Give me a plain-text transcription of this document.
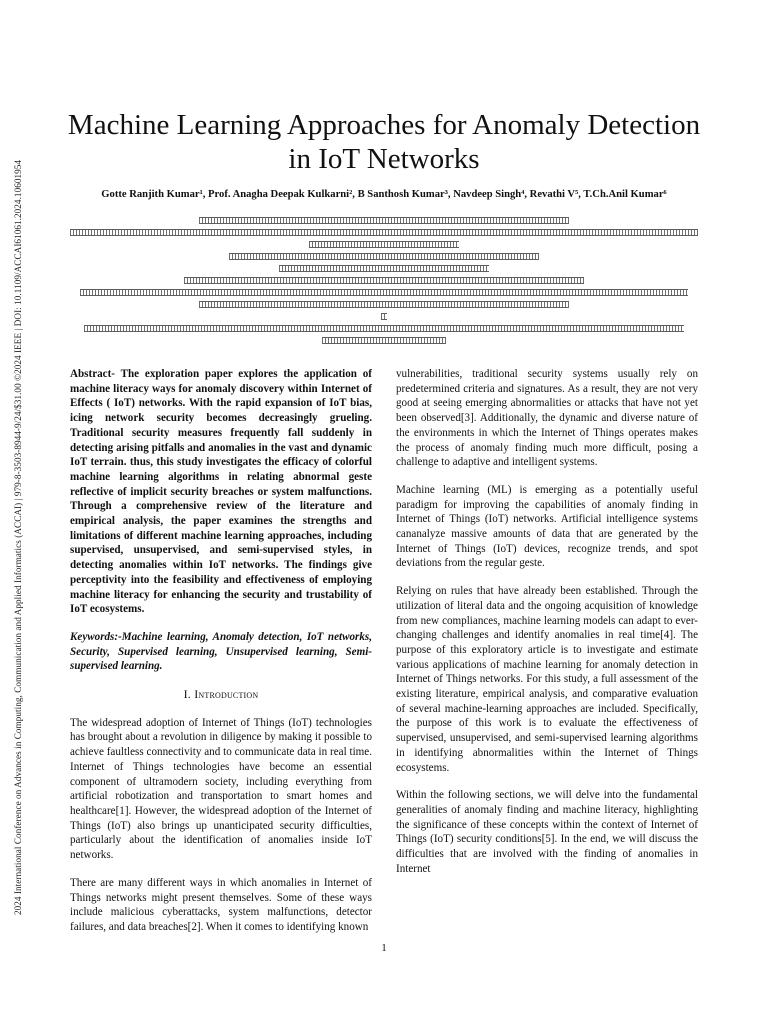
2024 International Conference on Advances in Computing, Communication and Applied Informatics (ACCAI) | 979-8-3503-8944-9/24/$31.00 ©2024 IEEE | DOI: 10.1109/ACCAI61061.2024.10601954
Machine Learning Approaches for Anomaly Detection in IoT Networks
Gotte Ranjith Kumar¹, Prof. Anagha Deepak Kulkarni², B Santhosh Kumar³, Navdeep Singh⁴, Revathi V⁵, T.Ch.Anil Kumar⁶

Abstract- The exploration paper explores the application of machine literacy ways for anomaly discovery within Internet of Effects ( IoT) networks. With the rapid expansion of IoT bias, icing network security becomes decreasingly grueling. Traditional security measures frequently fall suddenly in detecting arising pitfalls and anomalies in the vast and dynamic IoT terrain. thus, this study investigates the efficacy of colorful machine learning algorithms in relating abnormal geste reflective of implicit security breaches or system malfunctions. Through a comprehensive review of the literature and empirical analysis, the paper examines the strengths and limitations of different machine learning approaches, including supervised, unsupervised, and semi-supervised styles, in detecting anomalies within IoT networks. The findings give perceptivity into the feasibility and effectiveness of employing machine literacy for enhancing the security and trustability of IoT ecosystems.

Keywords:-Machine learning, Anomaly detection, IoT networks, Security, Supervised learning, Unsupervised learning, Semi-supervised learning.

I. Introduction

The widespread adoption of Internet of Things (IoT) technologies has brought about a revolution in diligence by making it possible to achieve faultless connectivity and to communicate data in real time. Internet of Things technologies have become an essential component of ultramodern society, including everything from artificial robotization and transportation to smart homes and healthcare[1]. However, the widespread adoption of the Internet of Things (IoT) also brings up unanticipated security difficulties, particularly about the identification of anomalies inside IoT networks.

There are many different ways in which anomalies in Internet of Things networks might present themselves. Some of these ways include malicious cyberattacks, system malfunctions, detector failures, and data breaches[2]. When it comes to identifying known

vulnerabilities, traditional security systems usually rely on predetermined criteria and signatures. As a result, they are not very good at seeing emerging abnormalities or attacks that have not yet been observed[3]. Additionally, the dynamic and diverse nature of the environments in which the Internet of Things operates makes the process of anomaly finding much more difficult, posing a challenge to adaptive and intelligent systems.

Machine learning (ML) is emerging as a potentially useful paradigm for improving the capabilities of anomaly finding in Internet of Things (IoT) networks. Artificial intelligence systems cananalyze massive amounts of data that are generated by the Internet of Things (IoT) devices, recognize trends, and spot deviations from the regular geste.

Relying on rules that have already been established. Through the utilization of literal data and the ongoing acquisition of knowledge from new compliances, machine learning models can adapt to ever-changing challenges and identify anomalies in real time[4]. The purpose of this exploratory article is to investigate and estimate various applications of machine learning for anomaly detection in Internet of Things networks. For this study, a full assessment of the existing literature, empirical analysis, and comparative evaluation of several machine-learning approaches are included. Specifically, the purpose of this work is to evaluate the effectiveness of supervised, unsupervised, and semi-supervised learning algorithms in identifying abnormalities within the Internet of Things ecosystems.

Within the following sections, we will delve into the fundamental generalities of anomaly finding and machine literacy, highlighting the significance of these concepts within the context of Internet of Things (IoT) security conditions[5]. In the end, we will discuss the difficulties that are involved with the finding of anomalies in Internet

1
